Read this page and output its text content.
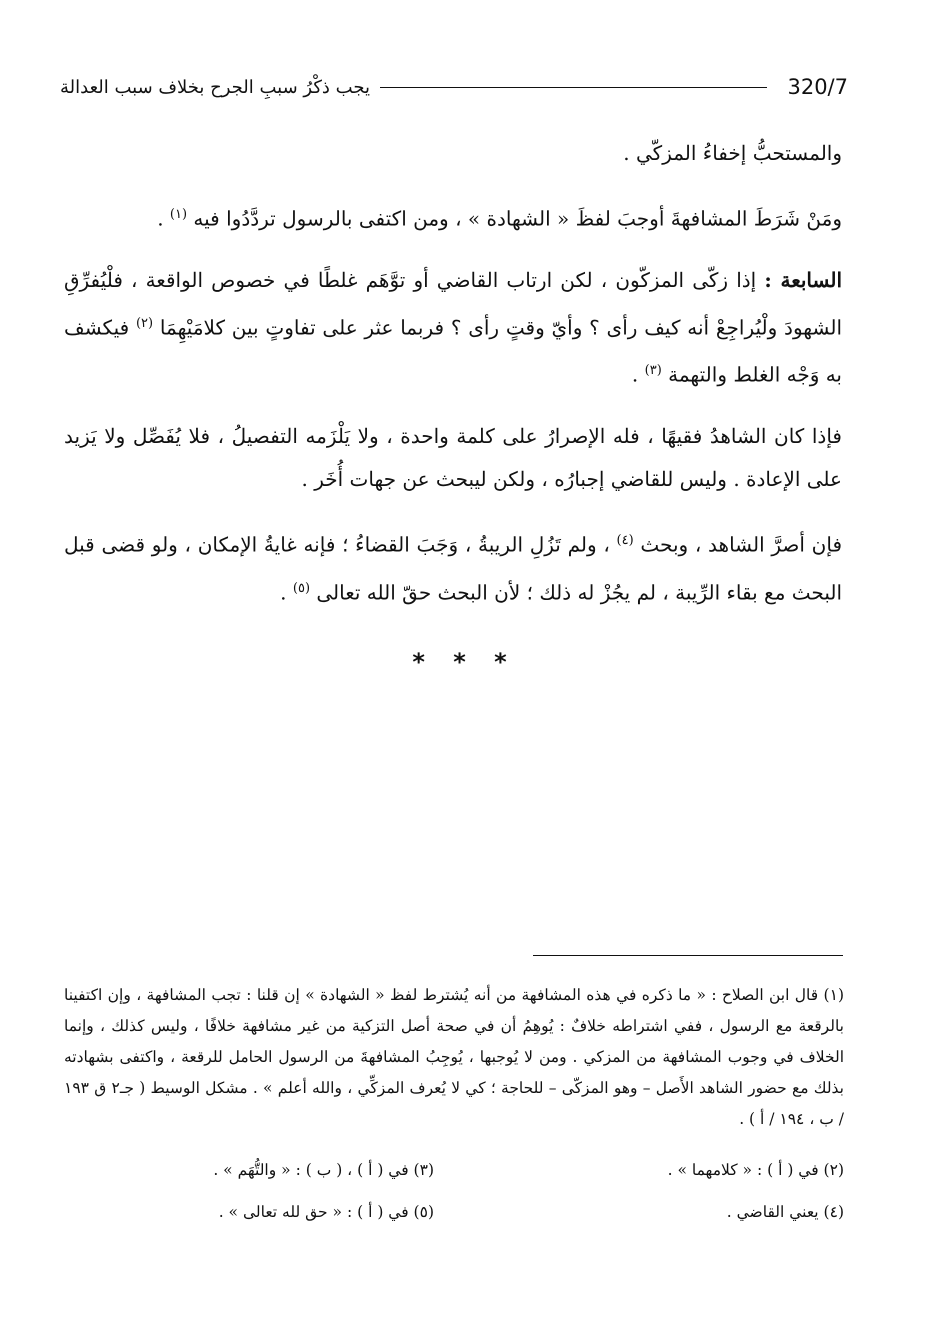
320/7
يجب ذكْرُ سببِ الجرح بخلاف سبب العدالة

والمستحبُّ إخفاءُ المزكّي .

ومَنْ شَرَطَ المشافهةَ أوجبَ لفظَ « الشهادة » ، ومن اكتفى بالرسول تردَّدُوا فيه $^{(١)}$ .

السابعة : إذا زكّى المزكّون ، لكن ارتاب القاضي أو توَّهَم غلطًا في خصوص الواقعة ، فلْيُفرِّقِ الشهودَ ولْيُراجِعْ أنه كيف رأى ؟ وأيّ وقتٍ رأى ؟ فربما عثر على تفاوتٍ بين كلامَيْهِمَا $^{(٢)}$ فيكشف به وَجْه الغلط والتهمة $^{(٣)}$ .

فإذا كان الشاهدُ فقيهًا ، فله الإصرارُ على كلمة واحدة ، ولا يَلْزَمه التفصيلُ ، فلا يُفَصِّل ولا يَزيد على الإعادة . وليس للقاضي إجبارُه ، ولكن ليبحث عن جهات أُخَر .

فإن أصرَّ الشاهد ، وبحث $^{(٤)}$ ، ولم تَزُلِ الريبةُ ، وَجَبَ القضاءُ ؛ فإنه غايةُ الإمكان ، ولو قضى قبل البحث مع بقاء الرِّيبة ، لم يجُزْ له ذلك ؛ لأن البحث حقّ الله تعالى $^{(٥)}$ .

* * *

(١) قال ابن الصلاح : « ما ذكره في هذه المشافهة من أنه يُشترط لفظ « الشهادة » إن قلنا : تجب المشافهة ، وإن اكتفينا بالرقعة مع الرسول ، ففي اشتراطه خلافٌ : يُوهِمُ أن في صحة أصل التزكية من غير مشافهة خلافًا ، وليس كذلك ، وإنما الخلاف في وجوب المشافهة من المزكي . ومن لا يُوجبها ، يُوجِبُ المشافهةَ من الرسول الحامل للرقعة ، واكتفى بشهادته بذلك مع حضور الشاهد الأَصل – وهو المزكّى – للحاجة ؛ كي لا يُعرف المزكِّي ، والله أعلم » . مشكل الوسيط ( جـ٢ ق ١٩٣ / ب ، ١٩٤ / أ ) .

(٢) في ( أ ) : « كلامهما » .
(٣) في ( أ ) ، ( ب ) : « والتُّهَم » .
(٤) يعني القاضي .
(٥) في ( أ ) : « حق لله تعالى » .
